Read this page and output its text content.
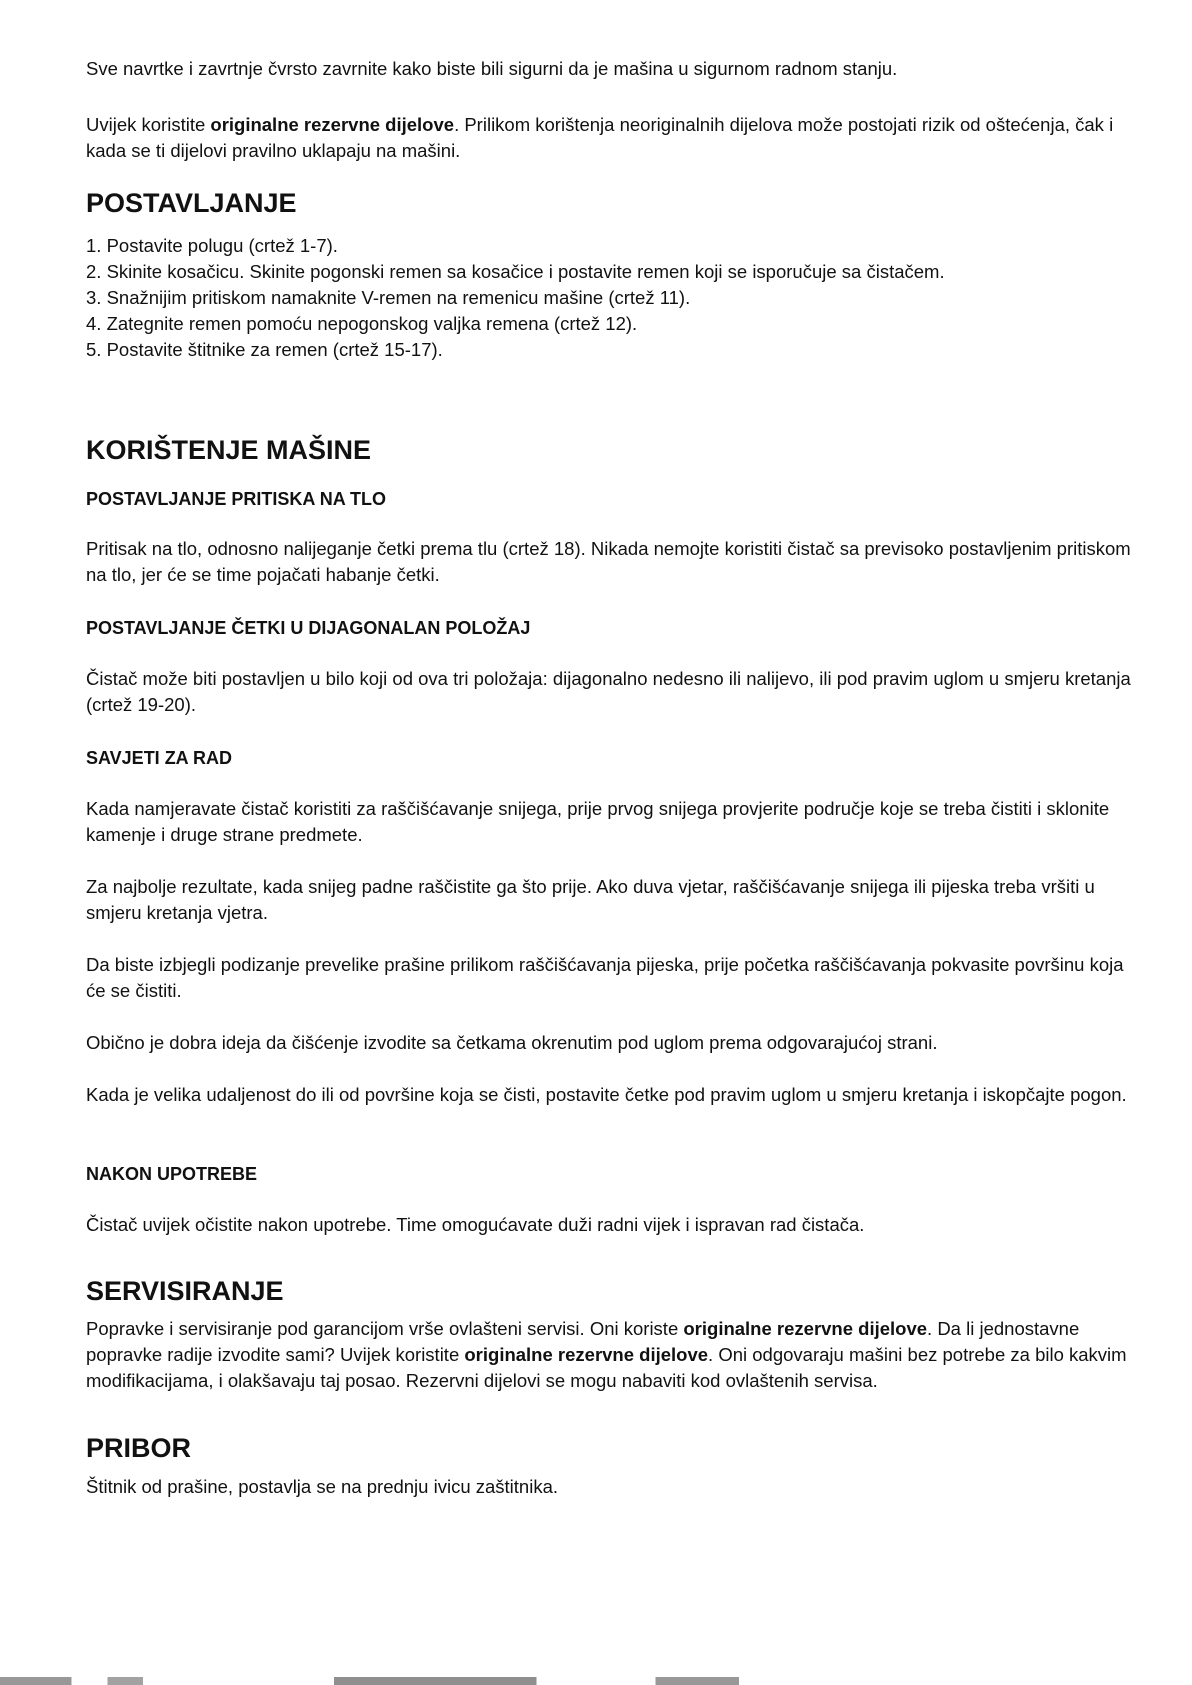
Sve navrtke i zavrtnje čvrsto zavrnite kako biste bili sigurni da je mašina u sigurnom radnom stanju.

Uvijek koristite originalne rezervne dijelove. Prilikom korištenja neoriginalnih dijelova može postojati rizik od oštećenja, čak i kada se ti dijelovi pravilno uklapaju na mašini.

POSTAVLJANJE
1. Postavite polugu (crtež 1-7).
2. Skinite kosačicu. Skinite pogonski remen sa kosačice i postavite remen koji se isporučuje sa čistačem.
3. Snažnijim pritiskom namaknite V-remen na remenicu mašine (crtež 11).
4. Zategnite remen pomoću nepogonskog valjka remena (crtež 12).
5. Postavite štitnike za remen (crtež 15-17).
KORIŠTENJE MAŠINE
POSTAVLJANJE PRITISKA NA TLO

Pritisak na tlo, odnosno nalijeganje četki prema tlu (crtež 18). Nikada nemojte koristiti čistač sa previsoko postavljenim pritiskom na tlo, jer će se time pojačati habanje četki.

POSTAVLJANJE ČETKI U DIJAGONALAN POLOŽAJ

Čistač može biti postavljen u bilo koji od ova tri položaja: dijagonalno nedesno ili nalijevo, ili pod pravim uglom u smjeru kretanja (crtež 19-20).

SAVJETI ZA RAD

Kada namjeravate čistač koristiti za raščišćavanje snijega, prije prvog snijega provjerite područje koje se treba čistiti i sklonite kamenje i druge strane predmete.

Za najbolje rezultate, kada snijeg padne raščistite ga što prije. Ako duva vjetar, raščišćavanje snijega ili pijeska treba vršiti u smjeru kretanja vjetra.

Da biste izbjegli podizanje prevelike prašine prilikom raščišćavanja pijeska, prije početka raščišćavanja pokvasite površinu koja će se čistiti.

Obično je dobra ideja da čišćenje izvodite sa četkama okrenutim pod uglom prema odgovarajućoj strani.

Kada je velika udaljenost do ili od površine koja se čisti, postavite četke pod pravim uglom u smjeru kretanja i iskopčajte pogon.

NAKON UPOTREBE

Čistač uvijek očistite nakon upotrebe. Time omogućavate duži radni vijek i ispravan rad čistača.

SERVISIRANJE

Popravke i servisiranje pod garancijom vrše ovlašteni servisi. Oni koriste originalne rezervne dijelove. Da li jednostavne popravke radije izvodite sami? Uvijek koristite originalne rezervne dijelove. Oni odgovaraju mašini bez potrebe za bilo kakvim modifikacijama, i olakšavaju taj posao. Rezervni dijelovi se mogu nabaviti kod ovlaštenih servisa.

PRIBOR

Štitnik od prašine, postavlja se na prednju ivicu zaštitnika.
